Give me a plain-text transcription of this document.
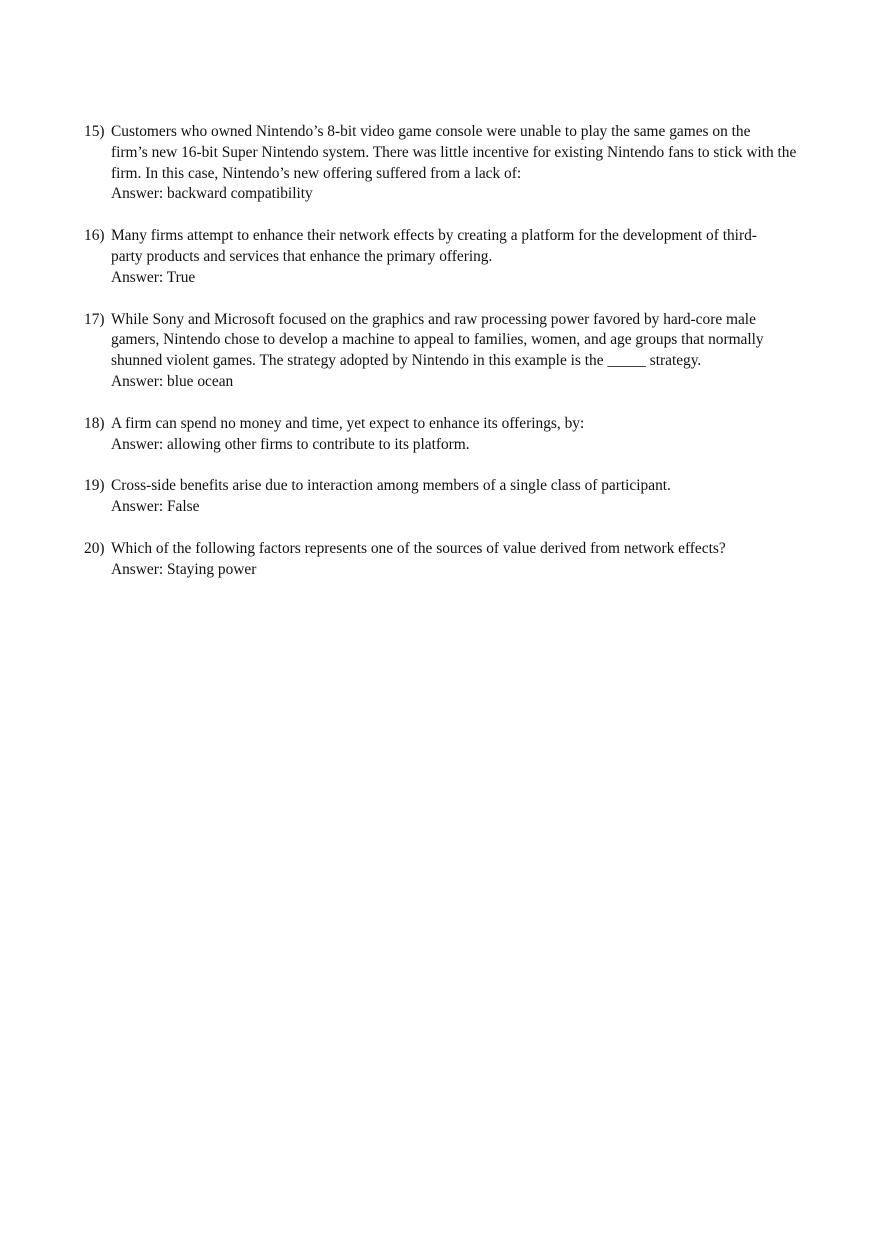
15) Customers who owned Nintendo’s 8-bit video game console were unable to play the same games on the
firm’s new 16-bit Super Nintendo system. There was little incentive for existing Nintendo fans to stick with the
firm. In this case, Nintendo’s new offering suffered from a lack of:
Answer: backward compatibility
16) Many firms attempt to enhance their network effects by creating a platform for the development of third-
party products and services that enhance the primary offering.
Answer: True
17) While Sony and Microsoft focused on the graphics and raw processing power favored by hard-core male
gamers, Nintendo chose to develop a machine to appeal to families, women, and age groups that normally
shunned violent games. The strategy adopted by Nintendo in this example is the _____ strategy.
Answer: blue ocean
18) A firm can spend no money and time, yet expect to enhance its offerings, by:
Answer: allowing other firms to contribute to its platform.
19) Cross-side benefits arise due to interaction among members of a single class of participant.
Answer: False
20) Which of the following factors represents one of the sources of value derived from network effects?
Answer: Staying power
